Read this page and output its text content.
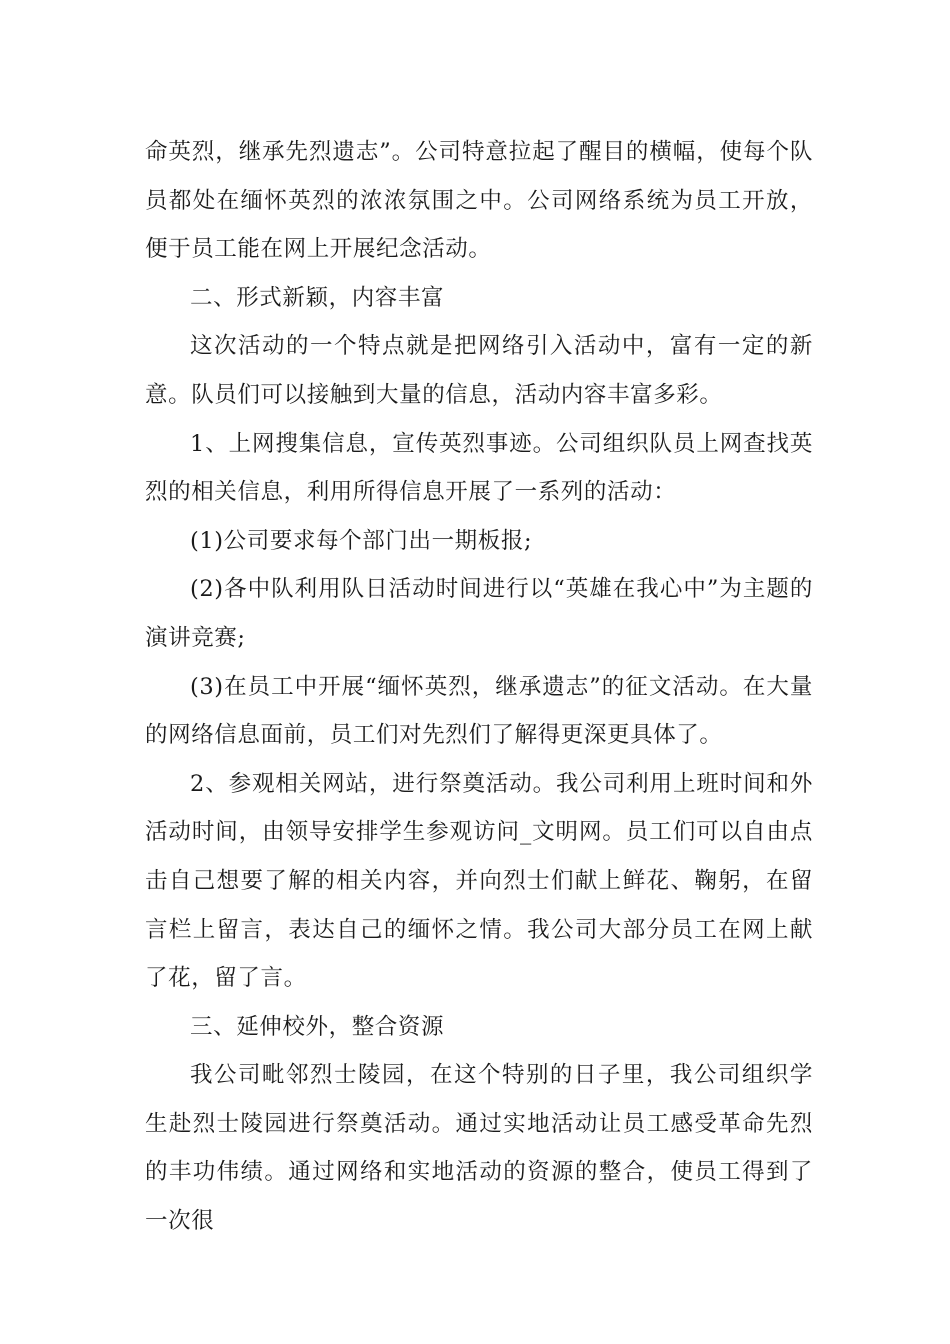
命英烈，继承先烈遗志”。公司特意拉起了醒目的横幅，使每个队员都处在缅怀英烈的浓浓氛围之中。公司网络系统为员工开放，便于员工能在网上开展纪念活动。

二、形式新颖，内容丰富

这次活动的一个特点就是把网络引入活动中，富有一定的新意。队员们可以接触到大量的信息，活动内容丰富多彩。

1、上网搜集信息，宣传英烈事迹。公司组织队员上网查找英烈的相关信息，利用所得信息开展了一系列的活动：

(1)公司要求每个部门出一期板报;

(2)各中队利用队日活动时间进行以“英雄在我心中”为主题的演讲竞赛;

(3)在员工中开展“缅怀英烈，继承遗志”的征文活动。在大量的网络信息面前，员工们对先烈们了解得更深更具体了。

2、参观相关网站，进行祭奠活动。我公司利用上班时间和外活动时间，由领导安排学生参观访问_文明网。员工们可以自由点击自己想要了解的相关内容，并向烈士们献上鲜花、鞠躬，在留言栏上留言，表达自己的缅怀之情。我公司大部分员工在网上献了花，留了言。

三、延伸校外，整合资源

我公司毗邻烈士陵园，在这个特别的日子里，我公司组织学生赴烈士陵园进行祭奠活动。通过实地活动让员工感受革命先烈的丰功伟绩。通过网络和实地活动的资源的整合，使员工得到了一次很
